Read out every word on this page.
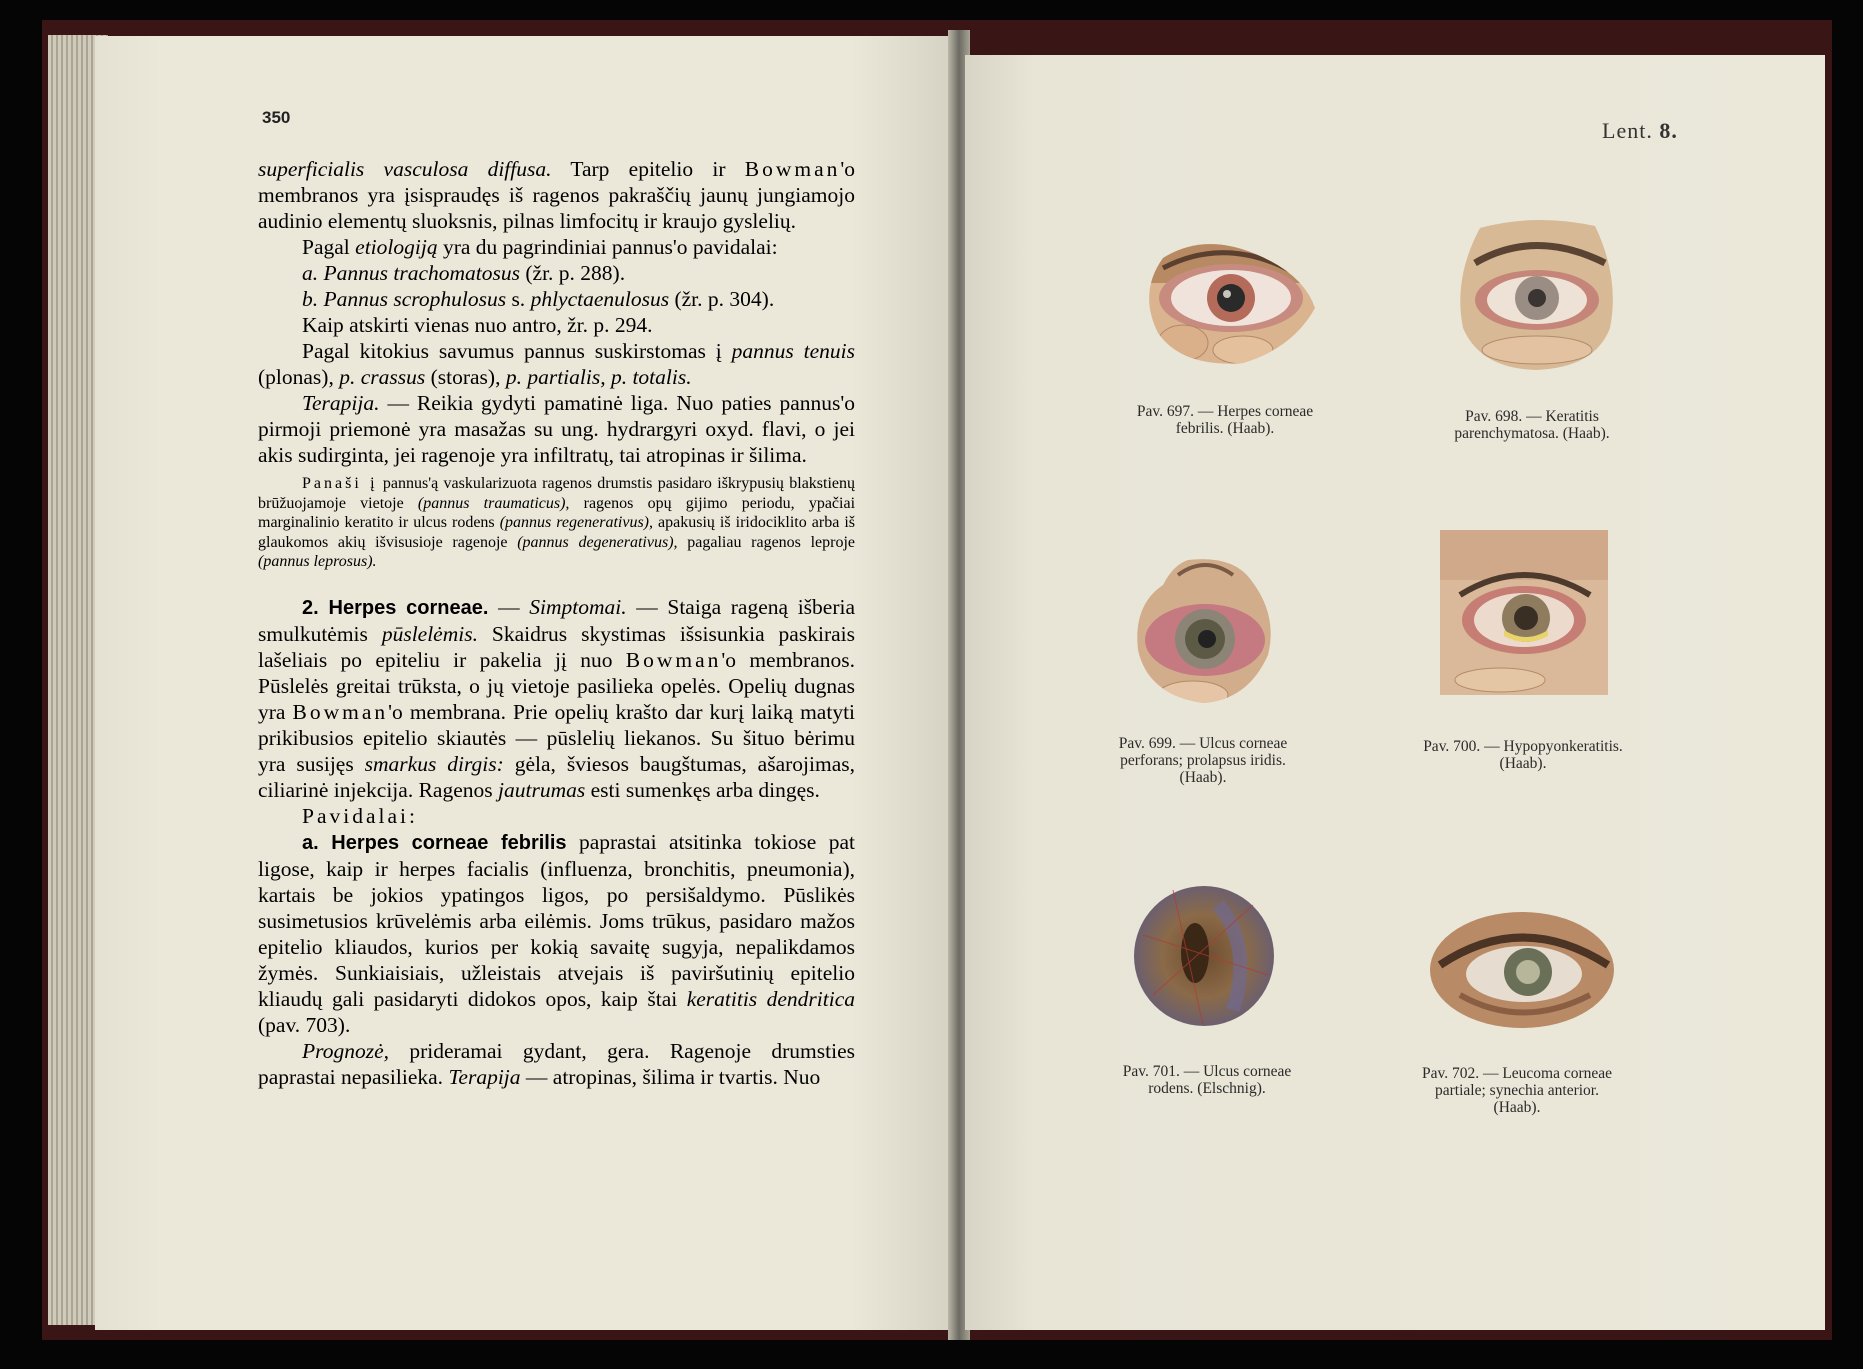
350

superficialis vasculosa diffusa. Tarp epitelio ir Bowman'o membranos yra įsispraudęs iš ragenos pakraščių jaunų jungiamojo audinio elementų sluoksnis, pilnas limfocitų ir kraujo gyslelių.

Pagal etiologiją yra du pagrindiniai pannus'o pavidalai:

a. Pannus trachomatosus (žr. p. 288).

b. Pannus scrophulosus s. phlyctaenulosus (žr. p. 304).

Kaip atskirti vienas nuo antro, žr. p. 294.

Pagal kitokius savumus pannus suskirstomas į pannus tenuis (plonas), p. crassus (storas), p. partialis, p. totalis.

Terapija. — Reikia gydyti pamatinė liga. Nuo paties pannus'o pirmoji priemonė yra masažas su ung. hydrargyri oxyd. flavi, o jei akis sudirginta, jei ragenoje yra infiltratų, tai atropinas ir šilima.

Panaši į pannus'ą vaskularizuota ragenos drumstis pasidaro iškrypusių blakstienų brūžuojamoje vietoje (pannus traumaticus), ragenos opų gijimo periodu, ypačiai marginalinio keratito ir ulcus rodens (pannus regenerativus), apakusių iš iridociklito arba iš glaukomos akių išvisusioje ragenoje (pannus degenerativus), pagaliau ragenos lepr​oje (pannus leprosus).

2. Herpes corneae. — Simptomai. — Staiga rageną išberia smulkutėmis pūslelėmis. Skaidrus skystimas išsisunkia paskirais lašeliais po epiteliu ir pakelia jį nuo Bowman'o membranos. Pūslelės greitai trūksta, o jų vietoje pasilieka opelės. Opelių dugnas yra Bowman'o membrana. Prie opelių krašto dar kurį laiką matyti prikibusios epitelio skiautės — pūslelių liekanos. Su šituo bėrimu yra susijęs smarkus dirgis: gėla, šviesos baugštumas, ašarojimas, ciliarinė injekcija. Ragenos jautrumas esti sumenkęs arba dingęs.

Pavidalai:

a. Herpes corneae febrilis paprastai atsitinka tokiose pat ligose, kaip ir herpes facialis (influenza, bronchitis, pneumonia), kartais be jokios ypatingos ligos, po persišaldymo. Pūslikės susimetusios krūvelėmis arba eilėmis. Joms trūkus, pasidaro mažos epitelio kliaudos, kurios per kokią savaitę sugyja, nepalikdamos žymės. Sunkiaisiais, užleistais atvejais iš paviršutinių epitelio kliaudų gali pasidaryti didokos opos, kaip štai keratitis dendritica (pav. 703).

Prognozė, prideramai gydant, gera. Ragenoje drumsties paprastai nepasilieka. Terapija — atropinas, šilima ir tvartis. Nuo

Lent. 8.
Pav. 697. — Herpes corneae febrilis. (Haab).
Pav. 698. — Keratitis parenchymatosa. (Haab).
Pav. 699. — Ulcus corneae perforans; prolapsus iridis. (Haab).
Pav. 700. — Hypopyonkeratitis. (Haab).
Pav. 701. — Ulcus corneae rodens. (Elschnig).
Pav. 702. — Leucoma corneae partiale; synechia anterior. (Haab).
